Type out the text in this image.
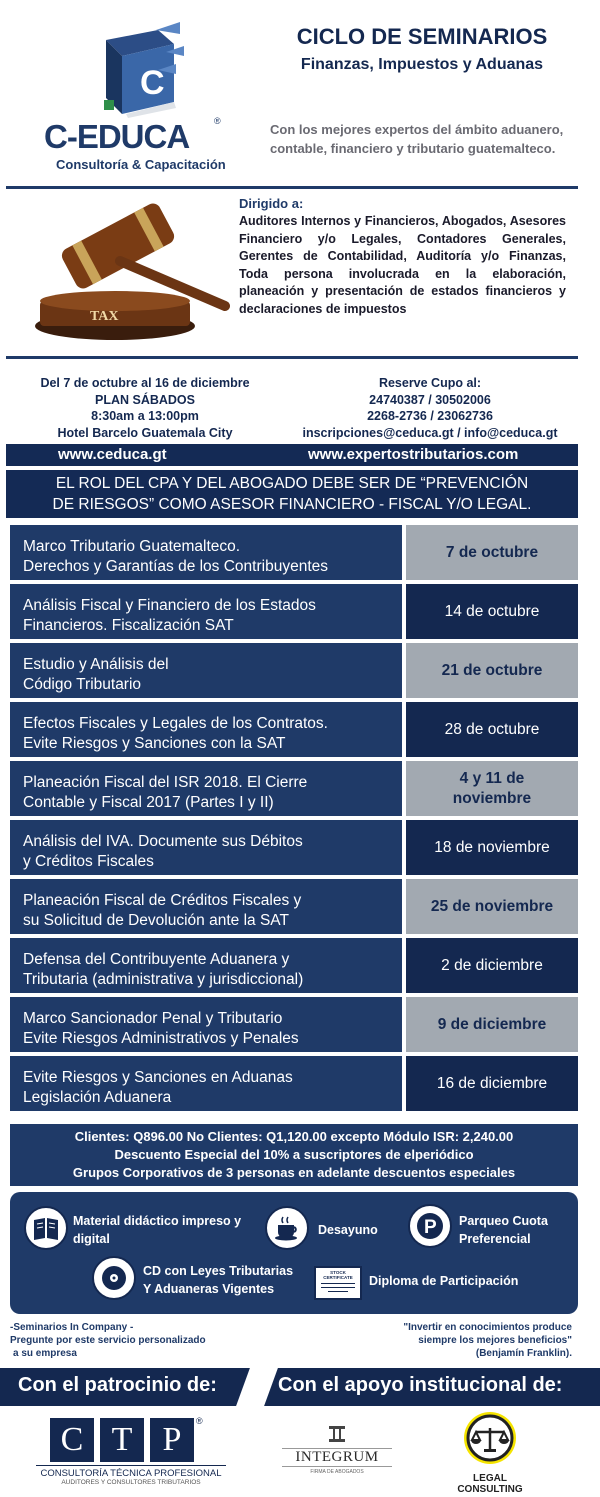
C
C-EDUCA	®
Consultoría & Capacitación
CICLO DE SEMINARIOS
Finanzas, Impuestos y Aduanas
Con los mejores expertos del ámbito aduanero, contable, financiero y tributario guatemalteco.
TAX
Dirigido a:
Auditores Internos y Financieros, Abogados, Asesores Financiero y/o Legales, Contadores Generales, Gerentes de Contabilidad, Auditoría y/o Finanzas, Toda persona involucrada en la elaboración, planeación y presentación de estados financieros y declaraciones de impuestos
Del 7 de octubre al 16 de diciembre
PLAN SÁBADOS
8:30am a 13:00pm
Hotel Barcelo Guatemala City
Reserve Cupo al:
24740387 / 30502006
2268-2736 / 23062736
inscripciones@ceduca.gt / info@ceduca.gt
www.ceduca.gt	www.expertostributarios.com
EL ROL DEL CPA Y DEL ABOGADO DEBE SER DE “PREVENCIÓN
DE RIESGOS” COMO ASESOR FINANCIERO - FISCAL Y/O LEGAL.
Marco Tributario Guatemalteco.
Derechos y Garantías de los Contribuyentes
7 de octubre
Análisis Fiscal y Financiero de los Estados
Financieros. Fiscalización SAT
14 de octubre
Estudio y Análisis del
Código Tributario
21 de octubre
Efectos Fiscales y Legales de los Contratos.
Evite Riesgos y Sanciones con la SAT
28 de octubre
Planeación Fiscal del ISR 2018. El Cierre
Contable y Fiscal 2017 (Partes I y II)
4 y 11 de noviembre
Análisis del IVA. Documente sus Débitos
y Créditos Fiscales
18 de noviembre
Planeación Fiscal de Créditos Fiscales y
su Solicitud de Devolución ante la SAT
25 de noviembre
Defensa del Contribuyente Aduanera y
Tributaria (administrativa y jurisdiccional)
2 de diciembre
Marco Sancionador Penal y Tributario
Evite Riesgos Administrativos y Penales
9 de diciembre
Evite Riesgos y Sanciones en Aduanas
Legislación Aduanera
16 de diciembre
Clientes: Q896.00 No Clientes: Q1,120.00 excepto Módulo ISR: 2,240.00
Descuento Especial del 10% a suscriptores de elperiódico
Grupos Corporativos de 3 personas en adelante descuentos especiales
Material didáctico impreso y digital
Desayuno P Parqueo Cuota Preferencial
CD con Leyes Tributarias Y Aduaneras Vigentes
STOCK CERTIFICATE	Diploma de Participación
-Seminarios In Company -
Pregunte por este servicio personalizado
a su empresa
"Invertir en conocimientos produce
siempre los mejores beneficios"
(Benjamín Franklin).
Con el patrocinio de:	Con el apoyo institucional de:
C T P	®
CONSULTORÍA TÉCNICA PROFESIONAL
AUDITORES Y CONSULTORES TRIBUTARIOS
INTEGRUM
FIRMA DE ABOGADOS
LEGAL CONSULTING
